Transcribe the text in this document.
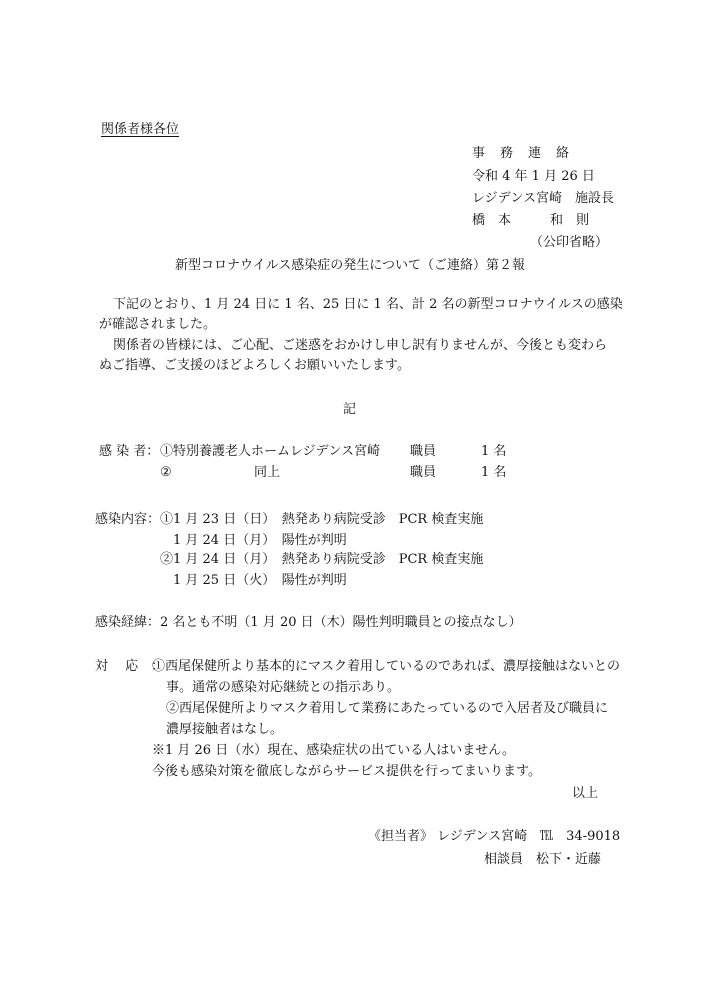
関係者様各位
事　務　連　絡
令和 4 年 1 月 26 日
レジデンス宮崎　施設長
橋　本　　　和　則
（公印省略）
新型コロナウイルス感染症の発生について（ご連絡）第２報
下記のとおり、1 月 24 日に 1 名、25 日に 1 名、計 2 名の新型コロナウイルスの感染
が確認されました。
関係者の皆様には、ご心配、ご迷惑をおかけし申し訳有りませんが、今後とも変わら
ぬご指導、ご支援のほどよろしくお願いいたします。
記
感 染 者： ①特別養護老人ホームレジデンス宮崎 職員	1 名
②	同上	職員	1 名
感染内容： ①1 月 23 日（日）　熱発あり病院受診　PCR 検査実施
1 月 24 日（月）　陽性が判明
②1 月 24 日（月）　熱発あり病院受診　PCR 検査実施
1 月 25 日（火）　陽性が判明
感染経緯： 2 名とも不明（1 月 20 日（木）陽性判明職員との接点なし）
対　 応　：
①西尾保健所より基本的にマスク着用しているのであれば、濃厚接触はないとの
事。通常の感染対応継続との指示あり。
②西尾保健所よりマスク着用して業務にあたっているので入居者及び職員に
濃厚接触者はなし。
※1 月 26 日（水）現在、感染症状の出ている人はいません。
今後も感染対策を徹底しながらサービス提供を行ってまいります。
以上
《担当者》 レジデンス宮崎　℡　34-9018
相談員　松下・近藤
